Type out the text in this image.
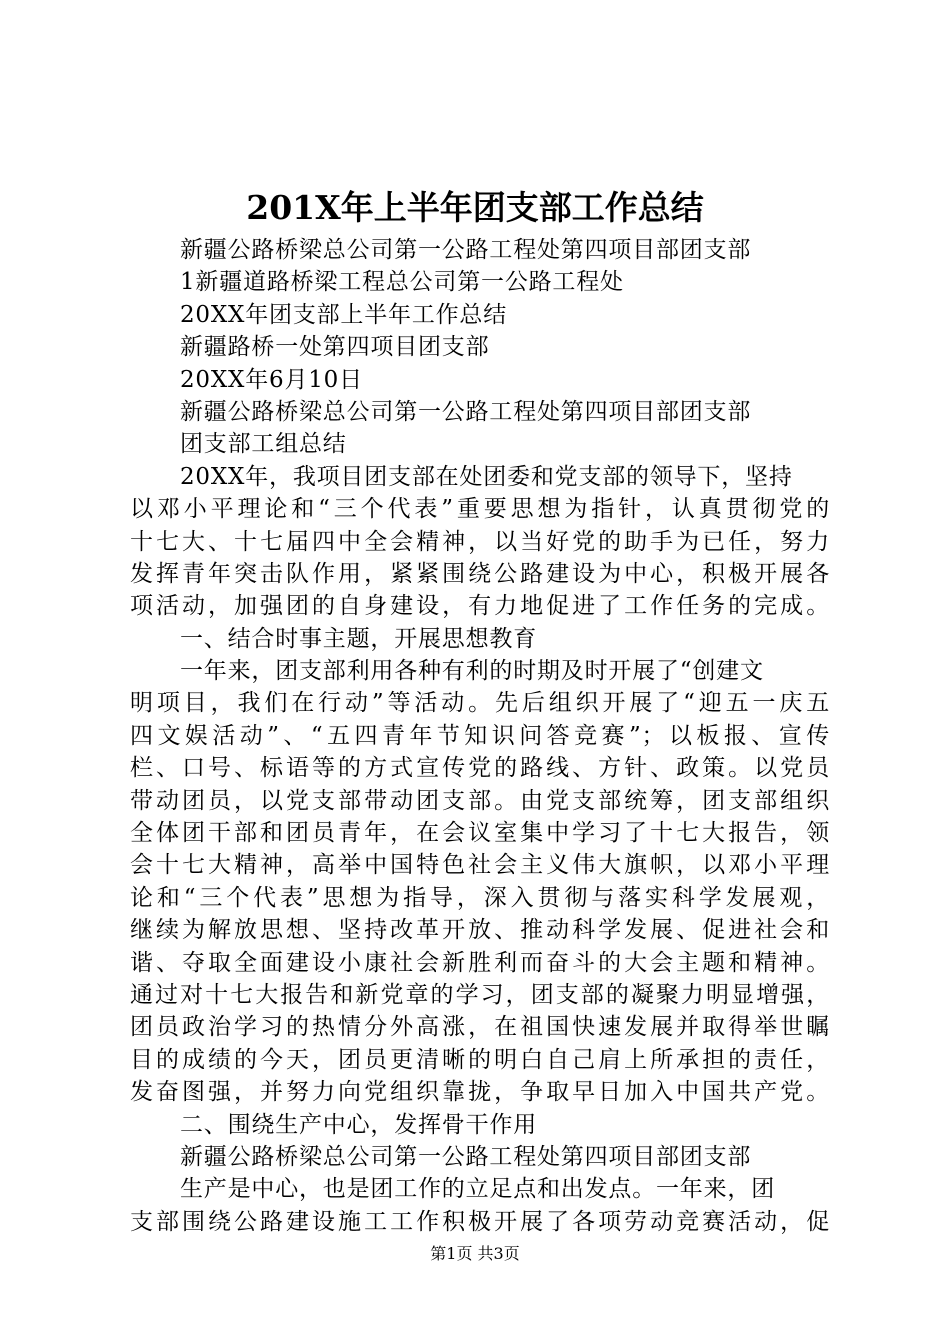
201X年上半年团支部工作总结
新疆公路桥梁总公司第一公路工程处第四项目部团支部
1新疆道路桥梁工程总公司第一公路工程处
20XX年团支部上半年工作总结
新疆路桥一处第四项目团支部
20XX年6月10日
新疆公路桥梁总公司第一公路工程处第四项目部团支部
团支部工组总结
20XX年，我项目团支部在处团委和党支部的领导下，坚持
以邓小平理论和“三个代表”重要思想为指针，认真贯彻党的
十七大、十七届四中全会精神，以当好党的助手为已任，努力
发挥青年突击队作用，紧紧围绕公路建设为中心，积极开展各
项活动，加强团的自身建设，有力地促进了工作任务的完成。
一、结合时事主题，开展思想教育
一年来，团支部利用各种有利的时期及时开展了“创建文
明项目，我们在行动”等活动。先后组织开展了“迎五一庆五
四文娱活动”、“五四青年节知识问答竞赛”；以板报、宣传
栏、口号、标语等的方式宣传党的路线、方针、政策。以党员
带动团员，以党支部带动团支部。由党支部统筹，团支部组织
全体团干部和团员青年，在会议室集中学习了十七大报告，领
会十七大精神，高举中国特色社会主义伟大旗帜，以邓小平理
论和“三个代表”思想为指导，深入贯彻与落实科学发展观，
继续为解放思想、坚持改革开放、推动科学发展、促进社会和
谐、夺取全面建设小康社会新胜利而奋斗的大会主题和精神。
通过对十七大报告和新党章的学习，团支部的凝聚力明显增强，
团员政治学习的热情分外高涨，在祖国快速发展并取得举世瞩
目的成绩的今天，团员更清晰的明白自己肩上所承担的责任，
发奋图强，并努力向党组织靠拢，争取早日加入中国共产党。
二、围绕生产中心，发挥骨干作用
新疆公路桥梁总公司第一公路工程处第四项目部团支部
生产是中心，也是团工作的立足点和出发点。一年来，团
支部围绕公路建设施工工作积极开展了各项劳动竞赛活动，促
第1页 共3页
